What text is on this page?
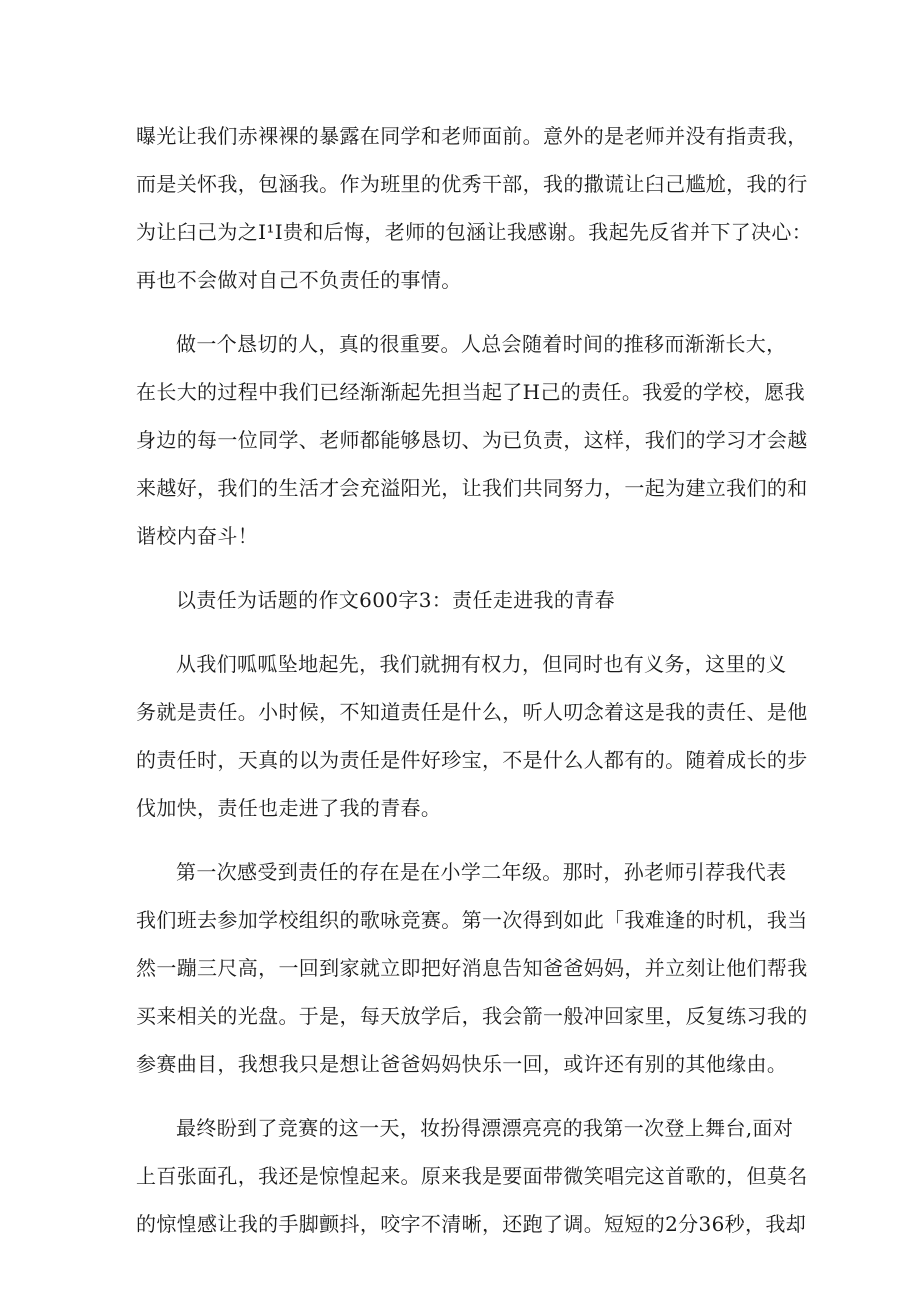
曝光让我们赤裸裸的暴露在同学和老师面前。意外的是老师并没有指责我，
而是关怀我，包涵我。作为班里的优秀干部，我的撒谎让臼己尴尬，我的行
为让臼己为之I¹I贵和后悔，老师的包涵让我感谢。我起先反省并下了决心：
再也不会做对自己不负责任的事情。
做一个恳切的人，真的很重要。人总会随着时间的推移而渐渐长大，
在长大的过程中我们已经渐渐起先担当起了H己的责任。我爱的学校，愿我
身边的每一位同学、老师都能够恳切、为已负责，这样，我们的学习才会越
来越好，我们的生活才会充溢阳光，让我们共同努力，一起为建立我们的和
谐校内奋斗！
以责任为话题的作文600字3：责任走进我的青春
从我们呱呱坠地起先，我们就拥有权力，但同时也有义务，这里的义
务就是责任。小时候，不知道责任是什么，听人叨念着这是我的责任、是他
的责任时，天真的以为责任是件好珍宝，不是什么人都有的。随着成长的步
伐加快，责任也走进了我的青春。
第一次感受到责任的存在是在小学二年级。那时，孙老师引荐我代表
我们班去参加学校组织的歌咏竞赛。第一次得到如此「我难逢的时机，我当
然一蹦三尺高，一回到家就立即把好消息告知爸爸妈妈，并立刻让他们帮我
买来相关的光盘。于是，每天放学后，我会箭一般冲回家里，反复练习我的
参赛曲目，我想我只是想让爸爸妈妈快乐一回，或许还有别的其他缘由。
最终盼到了竞赛的这一天，妆扮得漂漂亮亮的我第一次登上舞台,面对
上百张面孔，我还是惊惶起来。原来我是要面带微笑唱完这首歌的，但莫名
的惊惶感让我的手脚颤抖，咬字不清晰，还跑了调。短短的2分36秒，我却
